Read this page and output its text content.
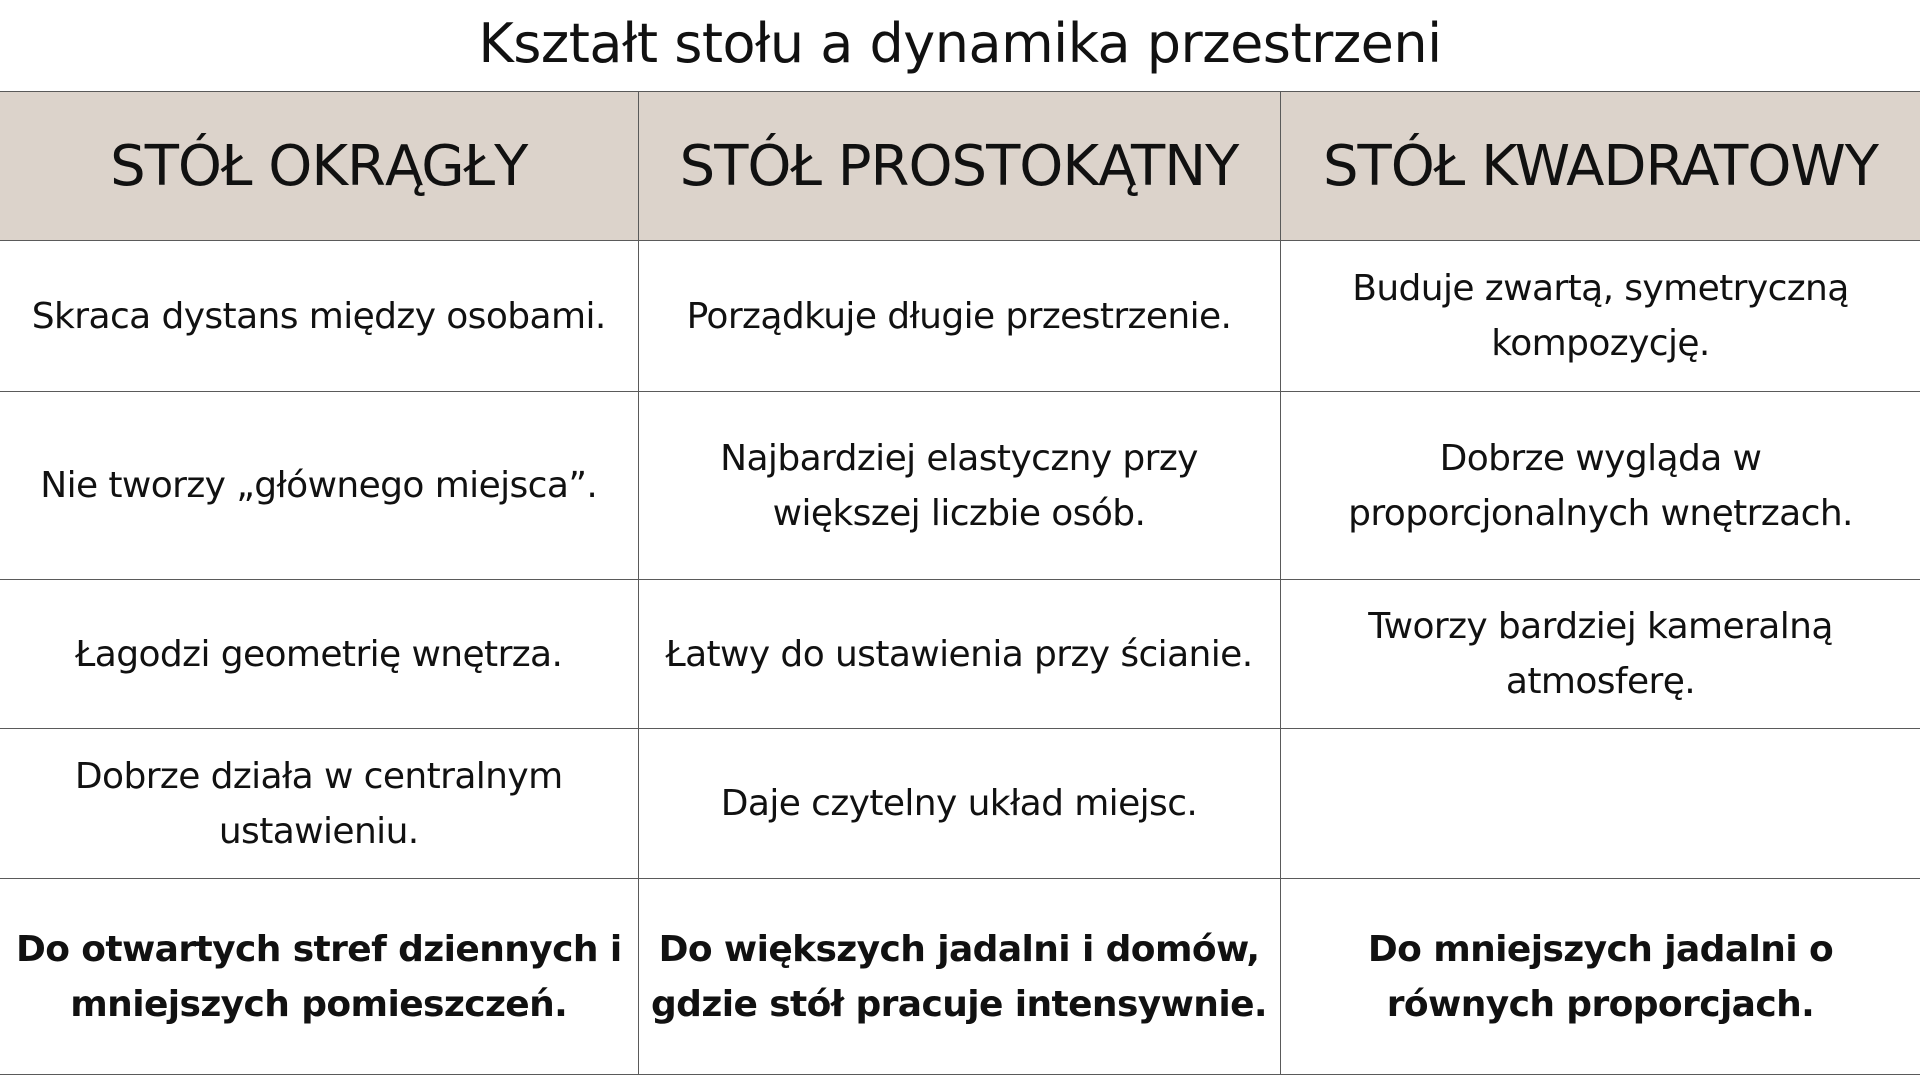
Kształt stołu a dynamika przestrzeni
STÓŁ OKRĄGŁY	STÓŁ PROSTOKĄTNY	STÓŁ KWADRATOWY
Skraca dystans między osobami.	Porządkuje długie przestrzenie.	Buduje zwartą, symetryczną kompozycję.
Nie tworzy „głównego miejsca”.	Najbardziej elastyczny przy większej liczbie osób.	Dobrze wygląda w proporcjonalnych wnętrzach.
Łagodzi geometrię wnętrza.	Łatwy do ustawienia przy ścianie.	Tworzy bardziej kameralną atmosferę.
Dobrze działa w centralnym ustawieniu.	Daje czytelny układ miejsc.	
Do otwartych stref dziennych i mniejszych pomieszczeń.	Do większych jadalni i domów, gdzie stół pracuje intensywnie.	Do mniejszych jadalni o równych proporcjach.
